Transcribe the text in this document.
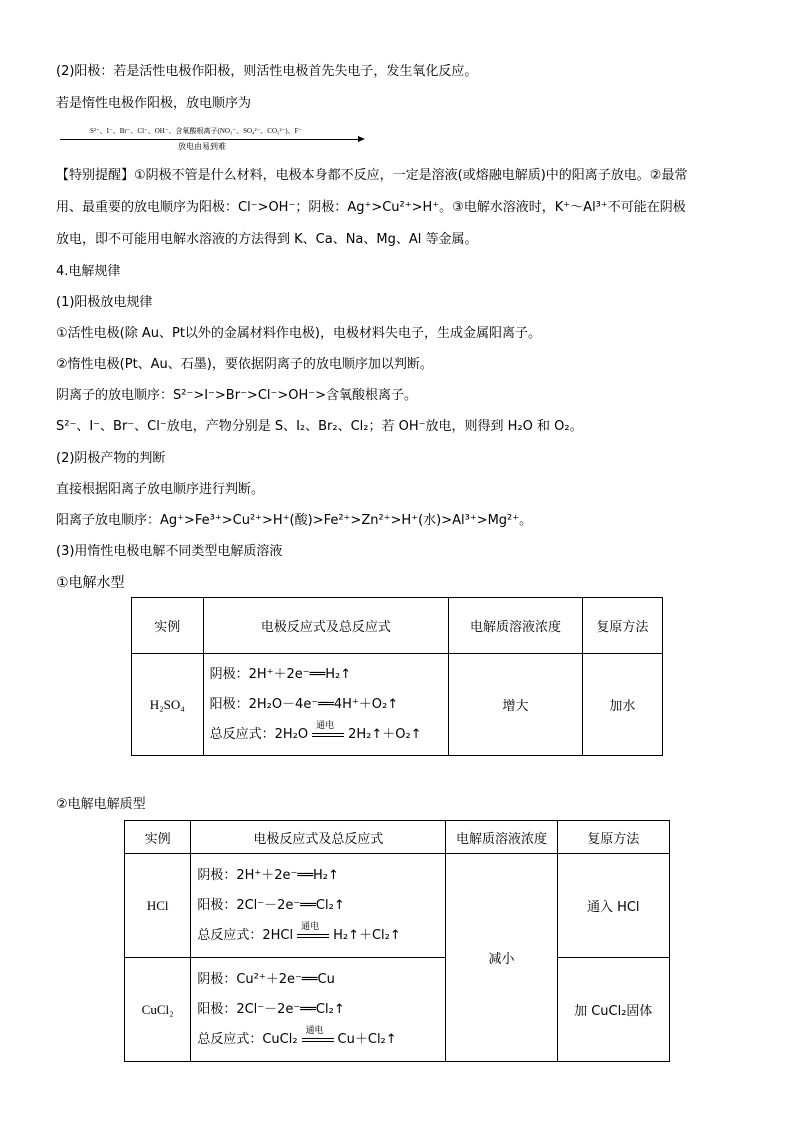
(2)阳极：若是活性电极作阳极，则活性电极首先失电子，发生氧化反应。
若是惰性电极作阳极，放电顺序为
S²⁻、I⁻、Br⁻、Cl⁻、OH⁻、含氧酸根离子(NO₃⁻、SO₄²⁻、CO₃²⁻)、F⁻
放电由易到难
【特别提醒】①阴极不管是什么材料，电极本身都不反应，一定是溶液(或熔融电解质)中的阳离子放电。②最常
用、最重要的放电顺序为阳极：Cl⁻>OH⁻；阴极：Ag⁺>Cu²⁺>H⁺。③电解水溶液时，K⁺～Al³⁺不可能在阴极
放电，即不可能用电解水溶液的方法得到 K、Ca、Na、Mg、Al 等金属。
4.电解规律
(1)阳极放电规律
①活性电极(除 Au、Pt以外的金属材料作电极)，电极材料失电子，生成金属阳离子。
②惰性电极(Pt、Au、石墨)，要依据阴离子的放电顺序加以判断。
阴离子的放电顺序：S²⁻>I⁻>Br⁻>Cl⁻>OH⁻>含氧酸根离子。
S²⁻、I⁻、Br⁻、Cl⁻放电，产物分别是 S、I₂、Br₂、Cl₂；若 OH⁻放电，则得到 H₂O 和 O₂。
(2)阴极产物的判断
直接根据阳离子放电顺序进行判断。
阳离子放电顺序：Ag⁺>Fe³⁺>Cu²⁺>H⁺(酸)>Fe²⁺>Zn²⁺>H⁺(水)>Al³⁺>Mg²⁺。
(3)用惰性电极电解不同类型电解质溶液
①电解水型
实例	电极反应式及总反应式	电解质溶液浓度	复原方法
H₂SO₄	阴极：2H⁺＋2e⁻══H₂↑
阳极：2H₂O－4e⁻══4H⁺＋O₂↑
总反应式：2H₂O
通电
2H₂↑＋O₂↑	增大	加水
②电解电解质型
实例	电极反应式及总反应式	电解质溶液浓度	复原方法
HCl	阴极：2H⁺＋2e⁻══H₂↑
阳极：2Cl⁻－2e⁻══Cl₂↑
总反应式：2HCl
通电
H₂↑＋Cl₂↑	减小	通入 HCl
CuCl₂	阴极：Cu²⁺＋2e⁻══Cu
阳极：2Cl⁻－2e⁻══Cl₂↑
总反应式：CuCl₂
通电
Cu＋Cl₂↑		加 CuCl₂固体
